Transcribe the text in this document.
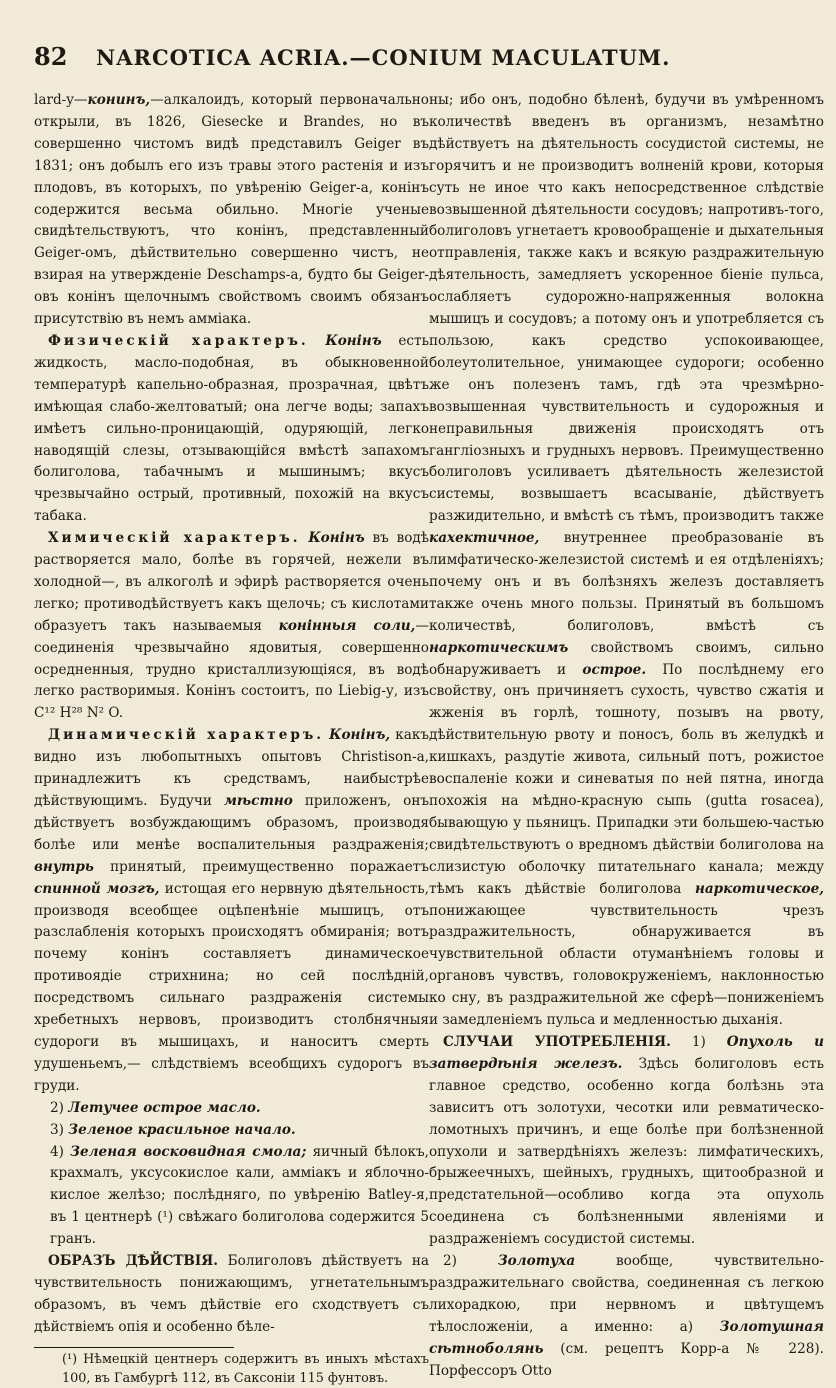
82	NARCOTICA ACRIA.—CONIUM MACULATUM.

lard-y—конинъ,—алкалоидъ, который первоначально открыли, въ 1826, Giesecke и Brandes, но въ совершенно чистомъ видѣ представилъ Geiger въ 1831; онъ добылъ его изъ травы этого растенія и изъ плодовъ, въ которыхъ, по увѣренію Geiger-а, конінъ содержится весьма обильно. Многіе ученые свидѣтельствуютъ, что конінъ, представленный Geiger-омъ, дѣйствительно совершенно чистъ, не взирая на утвержденіе Deschamps-а, будто бы Geiger-овъ конінъ щелочнымъ свойствомъ своимъ обязанъ присутствію въ немъ аммiака.

Физическій характеръ. Конінъ есть жидкость, масло-подобная, въ обыкновенной температурѣ капельно-образная, прозрачная, цвѣтъ имѣющая слабо-желтоватый; она легче воды; запахъ имѣетъ сильно-проницающій, одуряющій, легко наводящій слезы, отзывающійся вмѣстѣ запахомъ болиголова, табачнымъ и мышинымъ; вкусъ чрезвычайно острый, противный, похожій на вкусъ табака.

Химическій характеръ. Конінъ въ водѣ растворяется мало, болѣе въ горячей, нежели въ холодной—, въ алкоголѣ и эфирѣ растворяется очень легко; противодѣйствуетъ какъ щелочь; съ кислотами образуетъ такъ называемыя конінныя соли,—соединенія чрезвычайно ядовитыя, совершенно осредненныя, трудно кристаллизующіяся, въ водѣ легко растворимыя. Конінъ состоитъ, по Liebig-у, изъ C¹² H²⁸ N² O.

Динамическій характеръ. Конінъ, какъ видно изъ любопытныхъ опытовъ Christison-а, принадлежитъ къ средствамъ, наибыстрѣе дѣйствующимъ. Будучи мѣстно приложенъ, онъ дѣйствуетъ возбуждающимъ образомъ, производя болѣе или менѣе воспалительныя раздраженія; внутрь принятый, преимущественно поражаетъ спинной мозгъ, истощая его нервную дѣятельность, производя всеобщее оцѣпенѣніе мышицъ, отъ разслабленія которыхъ происходятъ обмиранія; вотъ почему конінъ составляетъ динамическое противоядіе стрихнина; но сей послѣдній, посредствомъ сильнаго раздраженія системы хребетныхъ нервовъ, производитъ столбнячныя судороги въ мышицахъ, и наноситъ смерть удушеньемъ,— слѣдствіемъ всеобщихъ судорогъ въ груди.

2) Летучее острое масло.

3) Зеленое красильное начало.

4) Зеленая восковидная смола; яичный бѣлокъ, крахмалъ, уксусокислое кали, аммiакъ и яблочно-кислое желѣзо; послѣдняго, по увѣренію Batley-я, въ 1 центнерѣ (¹) свѣжаго болиголова содержится 5 гранъ.

ОБРАЗЪ ДѢЙСТВІЯ. Болиголовъ дѣйствуетъ на чувствительность понижающимъ, угнетательнымъ образомъ, въ чемъ дѣйствіе его сходствуетъ съ дѣйствіемъ опія и особенно бѣле-

(¹) Нѣмецкій центнеръ содержитъ въ иныхъ мѣстахъ 100, въ Гамбургѣ 112, въ Саксоніи 115 фунтовъ.

ны; ибо онъ, подобно бѣленѣ, будучи въ умѣренномъ количествѣ введенъ въ организмъ, незамѣтно дѣйствуетъ на дѣятельность сосудистой системы, не горячитъ и не производитъ волненій крови, которыя суть не иное что какъ непосредственное слѣдствіе возвышенной дѣятельности сосудовъ; напротивъ-того, болиголовъ угнетаетъ кровообращеніе и дыхательныя отправленія, также какъ и всякую раздражительную дѣятельность, замедляетъ ускоренное біеніе пульса, ослабляетъ судорожно-напряженныя волокна мышицъ и сосудовъ; а потому онъ и употребляется съ пользою, какъ средство успокоивающее, болеутолительное, унимающее судороги; особенно же онъ полезенъ тамъ, гдѣ эта чрезмѣрно-возвышенная чувствительность и судорожныя и неправильныя движенія происходятъ отъ гангліозныхъ и грудныхъ нервовъ. Преимущественно болиголовъ усиливаетъ дѣятельность железистой системы, возвышаетъ всасываніе, дѣйствуетъ разжидительно, и вмѣстѣ съ тѣмъ, производитъ также кахектичное, внутреннее преобразованіе въ лимфатическо-железистой системѣ и ея отдѣленіяхъ; почему онъ и въ болѣзняхъ железъ доставляетъ также очень много пользы. Принятый въ большомъ количествѣ, болиголовъ, вмѣстѣ съ наркотическимъ свойствомъ своимъ, сильно обнаруживаетъ и острое. По послѣднему его свойству, онъ причиняетъ сухость, чувство сжатія и жженія въ горлѣ, тошноту, позывъ на рвоту, дѣйствительную рвоту и поносъ, боль въ желудкѣ и кишкахъ, раздутіе живота, сильный потъ, рожистое воспаленіе кожи и синеватыя по ней пятна, иногда похожія на мѣдно-красную сыпь (gutta rosacea), бывающую у пьяницъ. Припадки эти большею-частью свидѣтельствуютъ о вредномъ дѣйствіи болиголова на слизистую оболочку питательнаго канала; между тѣмъ какъ дѣйствіе болиголова наркотическое, понижающее чувствительность чрезъ раздражительность, обнаруживается въ чувствительной области отуманѣніемъ головы и органовъ чувствъ, головокруженіемъ, наклонностью ко сну, въ раздражительной же сферѣ—пониженіемъ и замедленіемъ пульса и медленностью дыханія.

СЛУЧАИ УПОТРЕБЛЕНІЯ. 1) Опухоль и затвердѣнія железъ. Здѣсь болиголовъ есть главное средство, особенно когда болѣзнь эта зависитъ отъ золотухи, чесотки или ревматическо-ломотныхъ причинъ, и еще болѣе при болѣзненной опухоли и затвердѣніяхъ железъ: лимфатическихъ, брыжеечныхъ, шейныхъ, грудныхъ, щитообразной и предстательной—особливо когда эта опухоль соединена съ болѣзненными явленіями и раздраженіемъ сосудистой системы.

2)	Золотуха	вообще, чувствительно-раздражительнаго свойства, соединенная съ легкою лихорадкою, при нервномъ и цвѣтущемъ тѣлосложеніи, а именно: а) Золотушная сѣтноболянь (см. рецептъ Корр-а № 228). Порфессоръ Otto
